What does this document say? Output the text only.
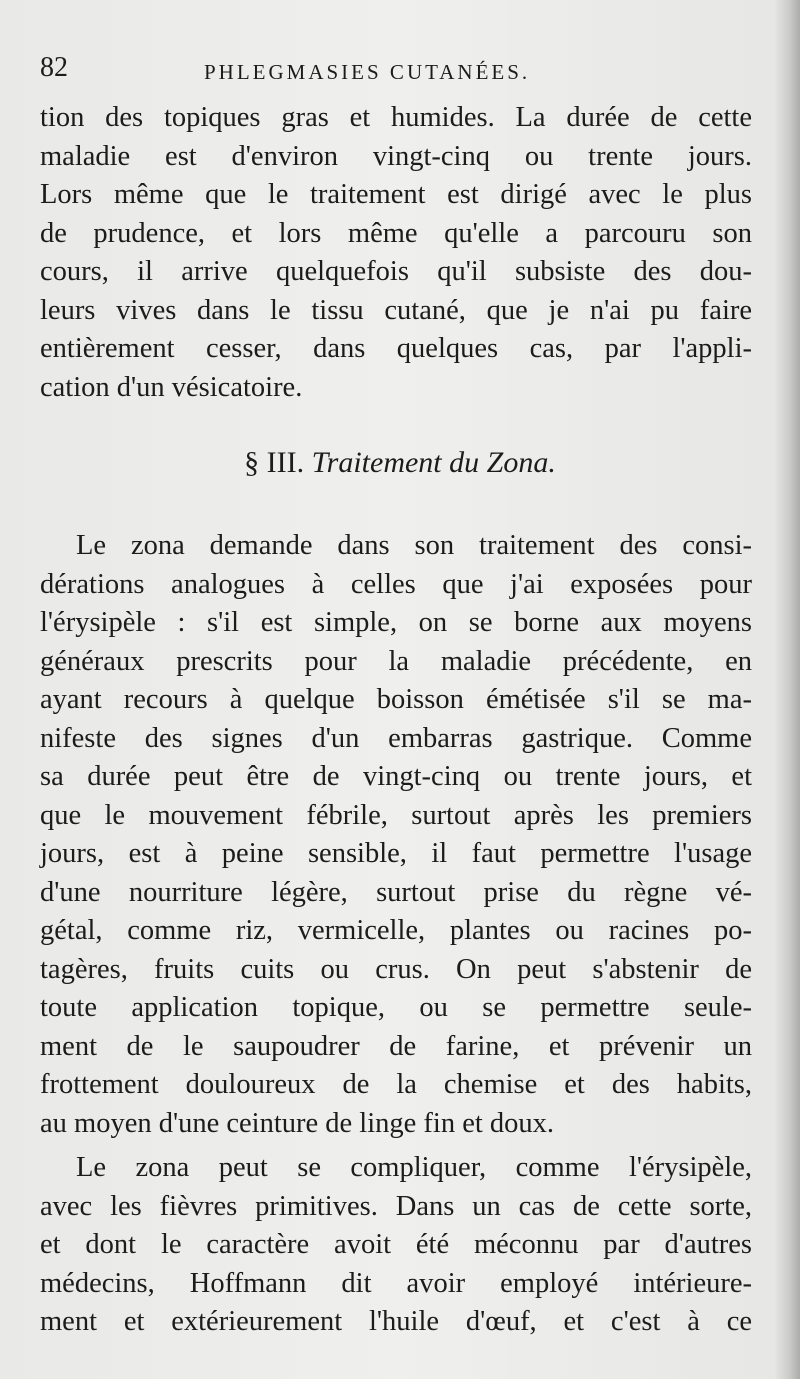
82	PHLEGMASIES CUTANÉES.
tion des topiques gras et humides. La durée de cette
maladie est d'environ vingt-cinq ou trente jours.
Lors même que le traitement est dirigé avec le plus
de prudence, et lors même qu'elle a parcouru son
cours, il arrive quelquefois qu'il subsiste des dou-
leurs vives dans le tissu cutané, que je n'ai pu faire
entièrement cesser, dans quelques cas, par l'appli-
cation d'un vésicatoire.
§ III. Traitement du Zona.
Le zona demande dans son traitement des consi-
dérations analogues à celles que j'ai exposées pour
l'érysipèle : s'il est simple, on se borne aux moyens
généraux prescrits pour la maladie précédente, en
ayant recours à quelque boisson émétisée s'il se ma-
nifeste des signes d'un embarras gastrique. Comme
sa durée peut être de vingt-cinq ou trente jours, et
que le mouvement fébrile, surtout après les premiers
jours, est à peine sensible, il faut permettre l'usage
d'une nourriture légère, surtout prise du règne vé-
gétal, comme riz, vermicelle, plantes ou racines po-
tagères, fruits cuits ou crus. On peut s'abstenir de
toute application topique, ou se permettre seule-
ment de le saupoudrer de farine, et prévenir un
frottement douloureux de la chemise et des habits,
au moyen d'une ceinture de linge fin et doux.
Le zona peut se compliquer, comme l'érysipèle,
avec les fièvres primitives. Dans un cas de cette sorte,
et dont le caractère avoit été méconnu par d'autres
médecins, Hoffmann dit avoir employé intérieure-
ment et extérieurement l'huile d'œuf, et c'est à ce
